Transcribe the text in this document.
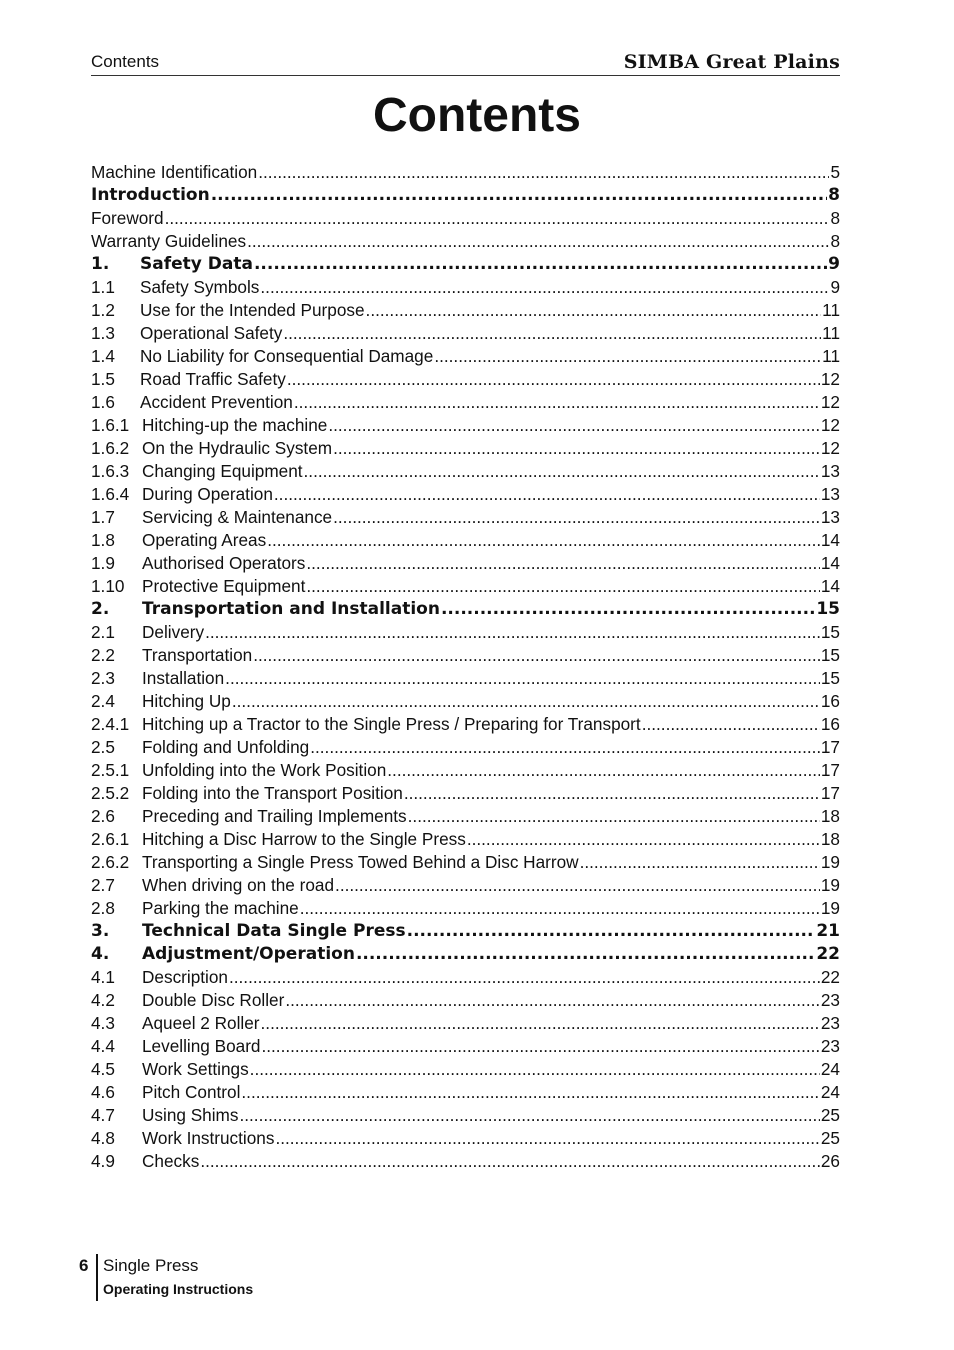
Contents	SIMBA Great Plains
Contents
Machine Identification .....	5
Introduction .....	8
Foreword .....	8
Warranty Guidelines .....	8
1.	Safety Data .....	9
1.1	Safety Symbols .....	9
1.2	Use for the Intended Purpose .....	11
1.3	Operational Safety .....	11
1.4	No Liability for Consequential Damage .....	11
1.5	Road Traffic Safety .....	12
1.6	Accident Prevention .....	12
1.6.1 Hitching-up the machine .....	12
1.6.2 On the Hydraulic System .....	12
1.6.3 Changing Equipment .....	13
1.6.4 During Operation .....	13
1.7	Servicing & Maintenance .....	13
1.8	Operating Areas .....	14
1.9	Authorised Operators .....	14
1.10	Protective Equipment .....	14
2.	Transportation and Installation .....	15
2.1	Delivery .....	15
2.2	Transportation .....	15
2.3	Installation .....	15
2.4	Hitching Up .....	16
2.4.1 Hitching up a Tractor to the Single Press / Preparing for Transport .....	16
2.5	Folding and Unfolding .....	17
2.5.1 Unfolding into the Work Position .....	17
2.5.2 Folding into the Transport Position .....	17
2.6	Preceding and Trailing Implements .....	18
2.6.1 Hitching a Disc Harrow to the Single Press .....	18
2.6.2 Transporting a Single Press Towed Behind a Disc Harrow .....	19
2.7	When driving on the road .....	19
2.8	Parking the machine .....	19
3.	Technical Data Single Press .....	21
4.	Adjustment/Operation .....	22
4.1	Description .....	22
4.2	Double Disc Roller .....	23
4.3	Aqueel 2 Roller .....	23
4.4	Levelling Board .....	23
4.5	Work Settings .....	24
4.6	Pitch Control .....	24
4.7	Using Shims .....	25
4.8	Work Instructions .....	25
4.9	Checks .....	26
6 Single Press
Operating Instructions
